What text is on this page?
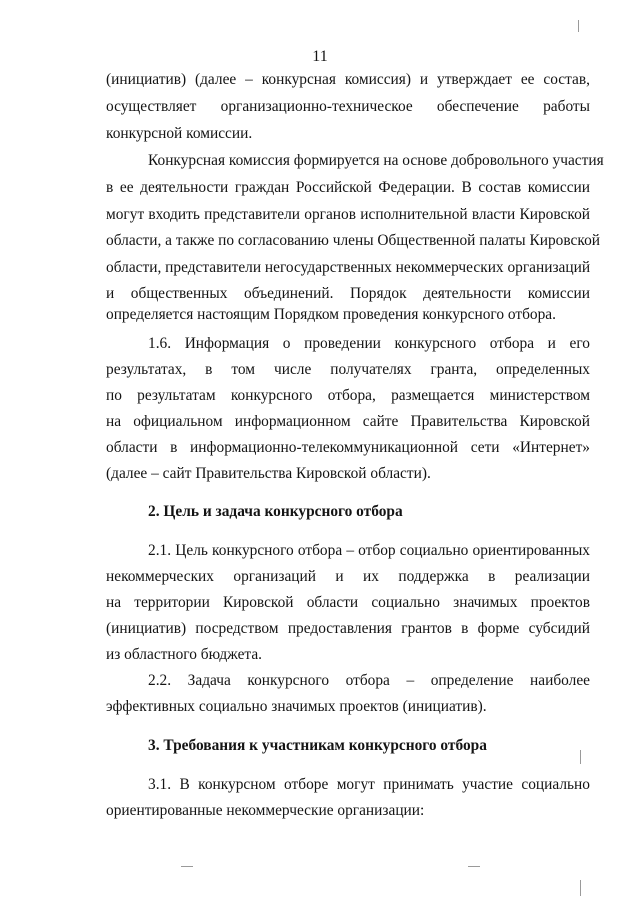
11
(инициатив) (далее – конкурсная комиссия) и утверждает ее состав,
осуществляет организационно-техническое обеспечение работы
конкурсной комиссии.
Конкурсная комиссия формируется на основе добровольного участия
в ее деятельности граждан Российской Федерации. В состав комиссии
могут входить представители органов исполнительной власти Кировской
области, а также по согласованию члены Общественной палаты Кировской
области, представители негосударственных некоммерческих организаций
и общественных объединений. Порядок деятельности комиссии
определяется настоящим Порядком проведения конкурсного отбора.
1.6. Информация о проведении конкурсного отбора и его
результатах, в том числе получателях гранта, определенных
по результатам конкурсного отбора, размещается министерством
на официальном информационном сайте Правительства Кировской
области в информационно-телекоммуникационной сети «Интернет»
(далее – сайт Правительства Кировской области).
2. Цель и задача конкурсного отбора
2.1. Цель конкурсного отбора – отбор социально ориентированных
некоммерческих организаций и их поддержка в реализации
на территории Кировской области социально значимых проектов
(инициатив) посредством предоставления грантов в форме субсидий
из областного бюджета.
2.2. Задача конкурсного отбора – определение наиболее
эффективных социально значимых проектов (инициатив).
3. Требования к участникам конкурсного отбора
3.1. В конкурсном отборе могут принимать участие социально
ориентированные некоммерческие организации:
